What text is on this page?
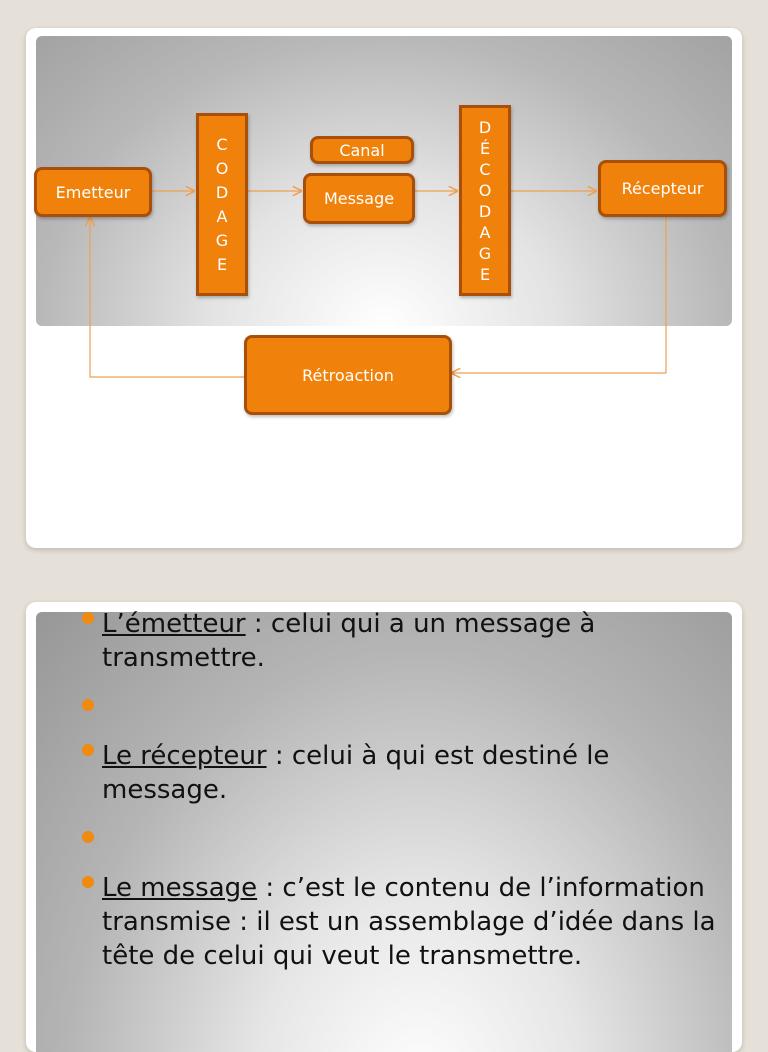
Emetteur
C
O
D
A
G
E
Canal
Message
D
É
C
O
D
A
G
E
Récepteur
Rétroaction
L’émetteur : celui qui a un message à transmettre.
Le récepteur : celui à qui est destiné le message.
Le message : c’est le contenu de l’information transmise : il est un assemblage d’idée dans la tête de celui qui veut le transmettre.
